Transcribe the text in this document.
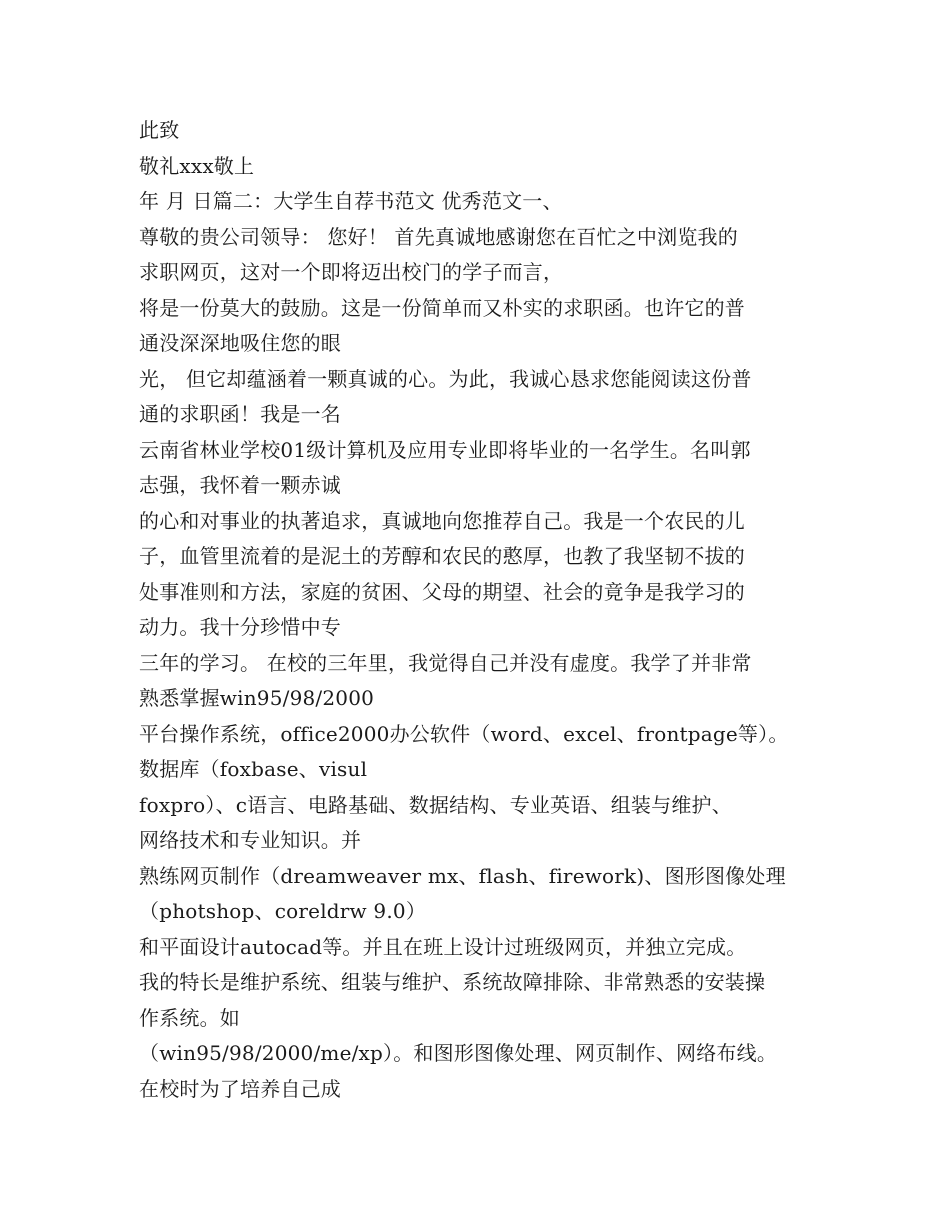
此致

敬礼xxx敬上

年 月 日篇二：大学生自荐书范文 优秀范文一、

尊敬的贵公司领导： 您好！ 首先真诚地感谢您在百忙之中浏览我的

求职网页，这对一个即将迈出校门的学子而言，

将是一份莫大的鼓励。这是一份简单而又朴实的求职函。也许它的普

通没深深地吸住您的眼

光， 但它却蕴涵着一颗真诚的心。为此，我诚心恳求您能阅读这份普

通的求职函！我是一名

云南省林业学校01级计算机及应用专业即将毕业的一名学生。名叫郭

志强，我怀着一颗赤诚

的心和对事业的执著追求，真诚地向您推荐自己。我是一个农民的儿

子，血管里流着的是泥土的芳醇和农民的憨厚，也教了我坚韧不拔的

处事准则和方法，家庭的贫困、父母的期望、社会的竟争是我学习的

动力。我十分珍惜中专

三年的学习。 在校的三年里，我觉得自己并没有虚度。我学了并非常

熟悉掌握win95/98/2000

平台操作系统，office2000办公软件（word、excel、frontpage等）。

数据库（foxbase、visul

foxpro）、c语言、电路基础、数据结构、专业英语、组装与维护、

网络技术和专业知识。并

熟练网页制作（dreamweaver mx、flash、firework)、图形图像处理

（photshop、coreldrw 9.0）

和平面设计autocad等。并且在班上设计过班级网页，并独立完成。

我的特长是维护系统、组装与维护、系统故障排除、非常熟悉的安装操

作系统。如

（win95/98/2000/me/xp）。和图形图像处理、网页制作、网络布线。

在校时为了培养自己成
